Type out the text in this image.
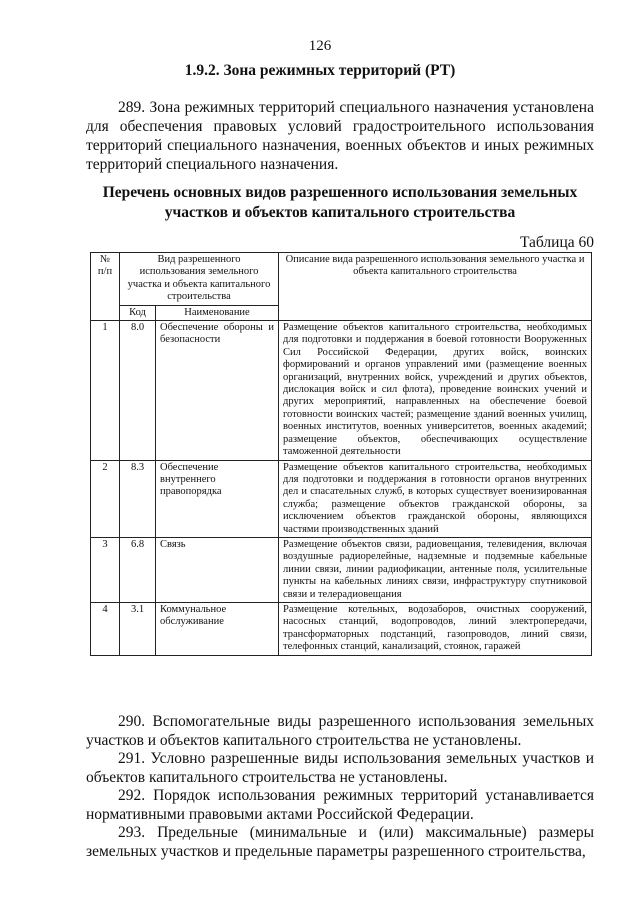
126
1.9.2. Зона режимных территорий (РТ)
289. Зона режимных территорий специального назначения установлена для обеспечения правовых условий градостроительного использования территорий специального назначения, военных объектов и иных режимных территорий специального назначения.
Перечень основных видов разрешенного использования земельных участков и объектов капитального строительства
Таблица 60
№ п/п	Вид разрешенного использования земельного участка и объекта капитального строительства		Описание вида разрешенного использования земельного участка и объекта капитального строительства
	Код	Наименование	
1	8.0	Обеспечение обороны и безопасности	Размещение объектов капитального строительства, необходимых для подготовки и поддержания в боевой готовности Вооруженных Сил Российской Федерации, других войск, воинских формирований и органов управлений ими (размещение военных организаций, внутренних войск, учреждений и других объектов, дислокация войск и сил флота), проведение воинских учений и других мероприятий, направленных на обеспечение боевой готовности воинских частей; размещение зданий военных училищ, военных институтов, военных университетов, военных академий; размещение объектов, обеспечивающих осуществление таможенной деятельности
2	8.3	Обеспечение внутреннего правопорядка	Размещение объектов капитального строительства, необходимых для подготовки и поддержания в готовности органов внутренних дел и спасательных служб, в которых существует военизированная служба; размещение объектов гражданской обороны, за исключением объектов гражданской обороны, являющихся частями производственных зданий
3	6.8	Связь	Размещение объектов связи, радиовещания, телевидения, включая воздушные радиорелейные, надземные и подземные кабельные линии связи, линии радиофикации, антенные поля, усилительные пункты на кабельных линиях связи, инфраструктуру спутниковой связи и телерадиовещания
4	3.1	Коммунальное обслуживание	Размещение котельных, водозаборов, очистных сооружений, насосных станций, водопроводов, линий электропередачи, трансформаторных подстанций, газопроводов, линий связи, телефонных станций, канализаций, стоянок, гаражей
290. Вспомогательные виды разрешенного использования земельных участков и объектов капитального строительства не установлены.
291. Условно разрешенные виды использования земельных участков и объектов капитального строительства не установлены.
292. Порядок использования режимных территорий устанавливается нормативными правовыми актами Российской Федерации.
293. Предельные (минимальные и (или) максимальные) размеры земельных участков и предельные параметры разрешенного строительства,
